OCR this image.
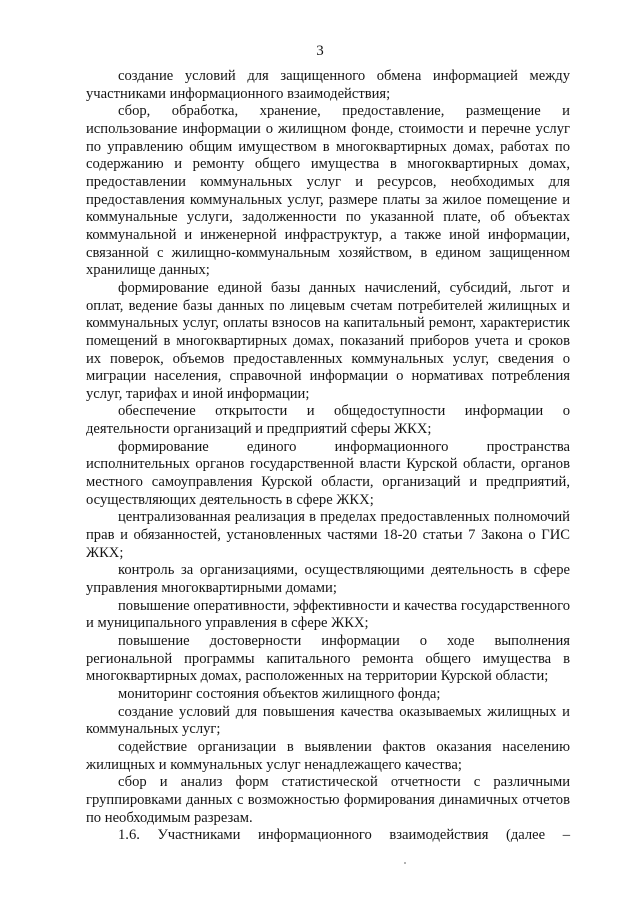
3

создание условий для защищенного обмена информацией между участниками информационного взаимодействия;

сбор, обработка, хранение, предоставление, размещение и использование информации о жилищном фонде, стоимости и перечне услуг по управлению общим имуществом в многоквартирных домах, работах по содержанию и ремонту общего имущества в многоквартирных домах, предоставлении коммунальных услуг и ресурсов, необходимых для предоставления коммунальных услуг, размере платы за жилое помещение и коммунальные услуги, задолженности по указанной плате, об объектах коммунальной и инженерной инфраструктур, а также иной информации, связанной с жилищно-коммунальным хозяйством, в едином защищенном хранилище данных;

формирование единой базы данных начислений, субсидий, льгот и оплат, ведение базы данных по лицевым счетам потребителей жилищных и коммунальных услуг, оплаты взносов на капитальный ремонт, характеристик помещений в многоквартирных домах, показаний приборов учета и сроков их поверок, объемов предоставленных коммунальных услуг, сведения о миграции населения, справочной информации о нормативах потребления услуг, тарифах и иной информации;

обеспечение открытости и общедоступности информации о деятельности организаций и предприятий сферы ЖКХ;

формирование единого информационного пространства исполнительных органов государственной власти Курской области, органов местного самоуправления Курской области, организаций и предприятий, осуществляющих деятельность в сфере ЖКХ;

централизованная реализация в пределах предоставленных полномочий прав и обязанностей, установленных частями 18-20 статьи 7 Закона о ГИС ЖКХ;

контроль за организациями, осуществляющими деятельность в сфере управления многоквартирными домами;

повышение оперативности, эффективности и качества государственного и муниципального управления в сфере ЖКХ;

повышение достоверности информации о ходе выполнения региональной программы капитального ремонта общего имущества в многоквартирных домах, расположенных на территории Курской области;

мониторинг состояния объектов жилищного фонда;

создание условий для повышения качества оказываемых жилищных и коммунальных услуг;

содействие организации в выявлении фактов оказания населению жилищных и коммунальных услуг ненадлежащего качества;

сбор и анализ форм статистической отчетности с различными группировками данных с возможностью формирования динамичных отчетов по необходимым разрезам.

1.6. Участниками информационного взаимодействия (далее –
